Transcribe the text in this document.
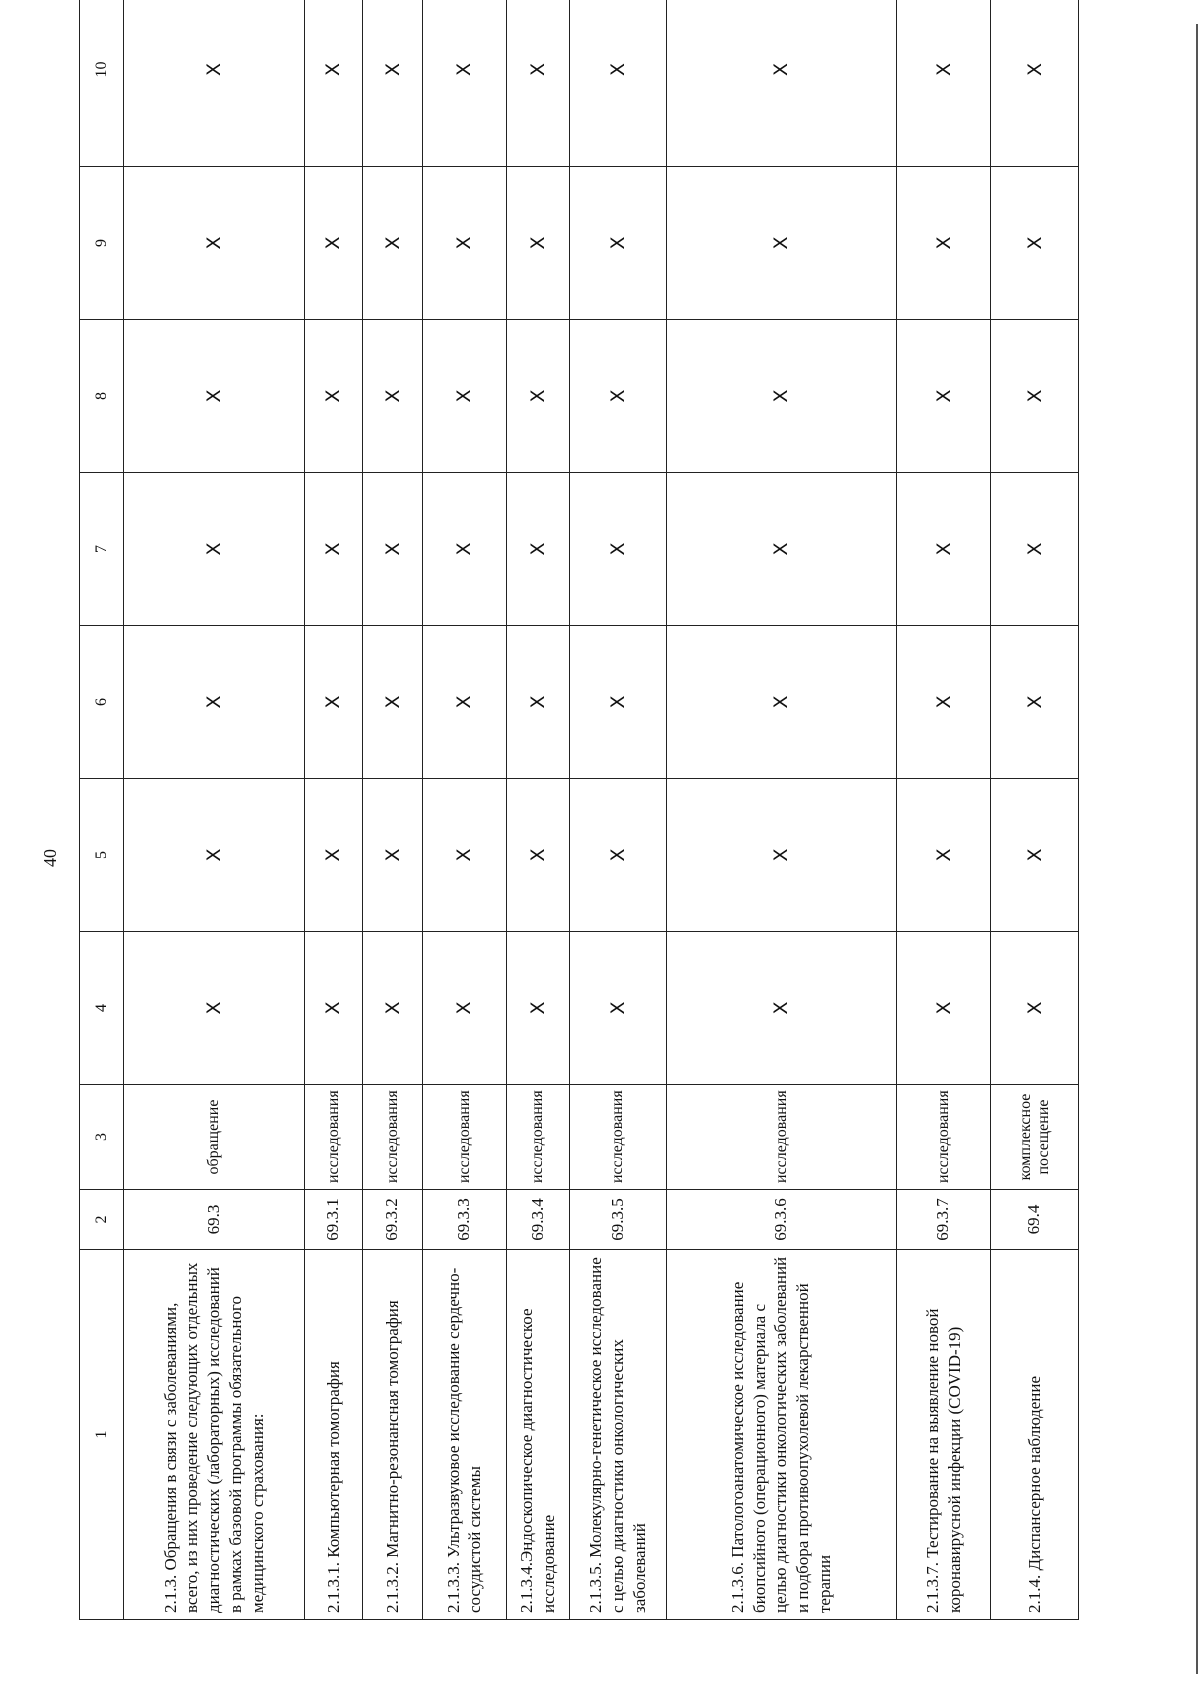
40
1	2	3	4	5	6	7	8	9	10
2.1.3. Обращения в связи с заболеваниями, всего, из них проведение следующих отдельных диагностических (лабораторных) исследований в рамках базовой программы обязательного медицинского страхования:	69.3	обращение	X	X	X	X	X	X	X
2.1.3.1. Компьютерная томография	69.3.1	исследования	X	X	X	X	X	X	X
2.1.3.2. Магнитно-резонансная томография	69.3.2	исследования	X	X	X	X	X	X	X
2.1.3.3. Ультразвуковое исследование сердечно-сосудистой системы	69.3.3	исследования	X	X	X	X	X	X	X
2.1.3.4.Эндоскопическое диагностическое исследование	69.3.4	исследования	X	X	X	X	X	X	X
2.1.3.5. Молекулярно-генетическое исследование с целью диагностики онкологических заболеваний	69.3.5	исследования	X	X	X	X	X	X	X
2.1.3.6. Патологоанатомическое исследование биопсийного (операционного) материала с целью диагностики онкологических заболеваний и подбора противоопухолевой лекарственной терапии	69.3.6	исследования	X	X	X	X	X	X	X
2.1.3.7. Тестирование на выявление новой коронавирусной инфекции (COVID-19)	69.3.7	исследования	X	X	X	X	X	X	X
2.1.4. Диспансерное наблюдение	69.4	комплексное посещение	X	X	X	X	X	X	X
